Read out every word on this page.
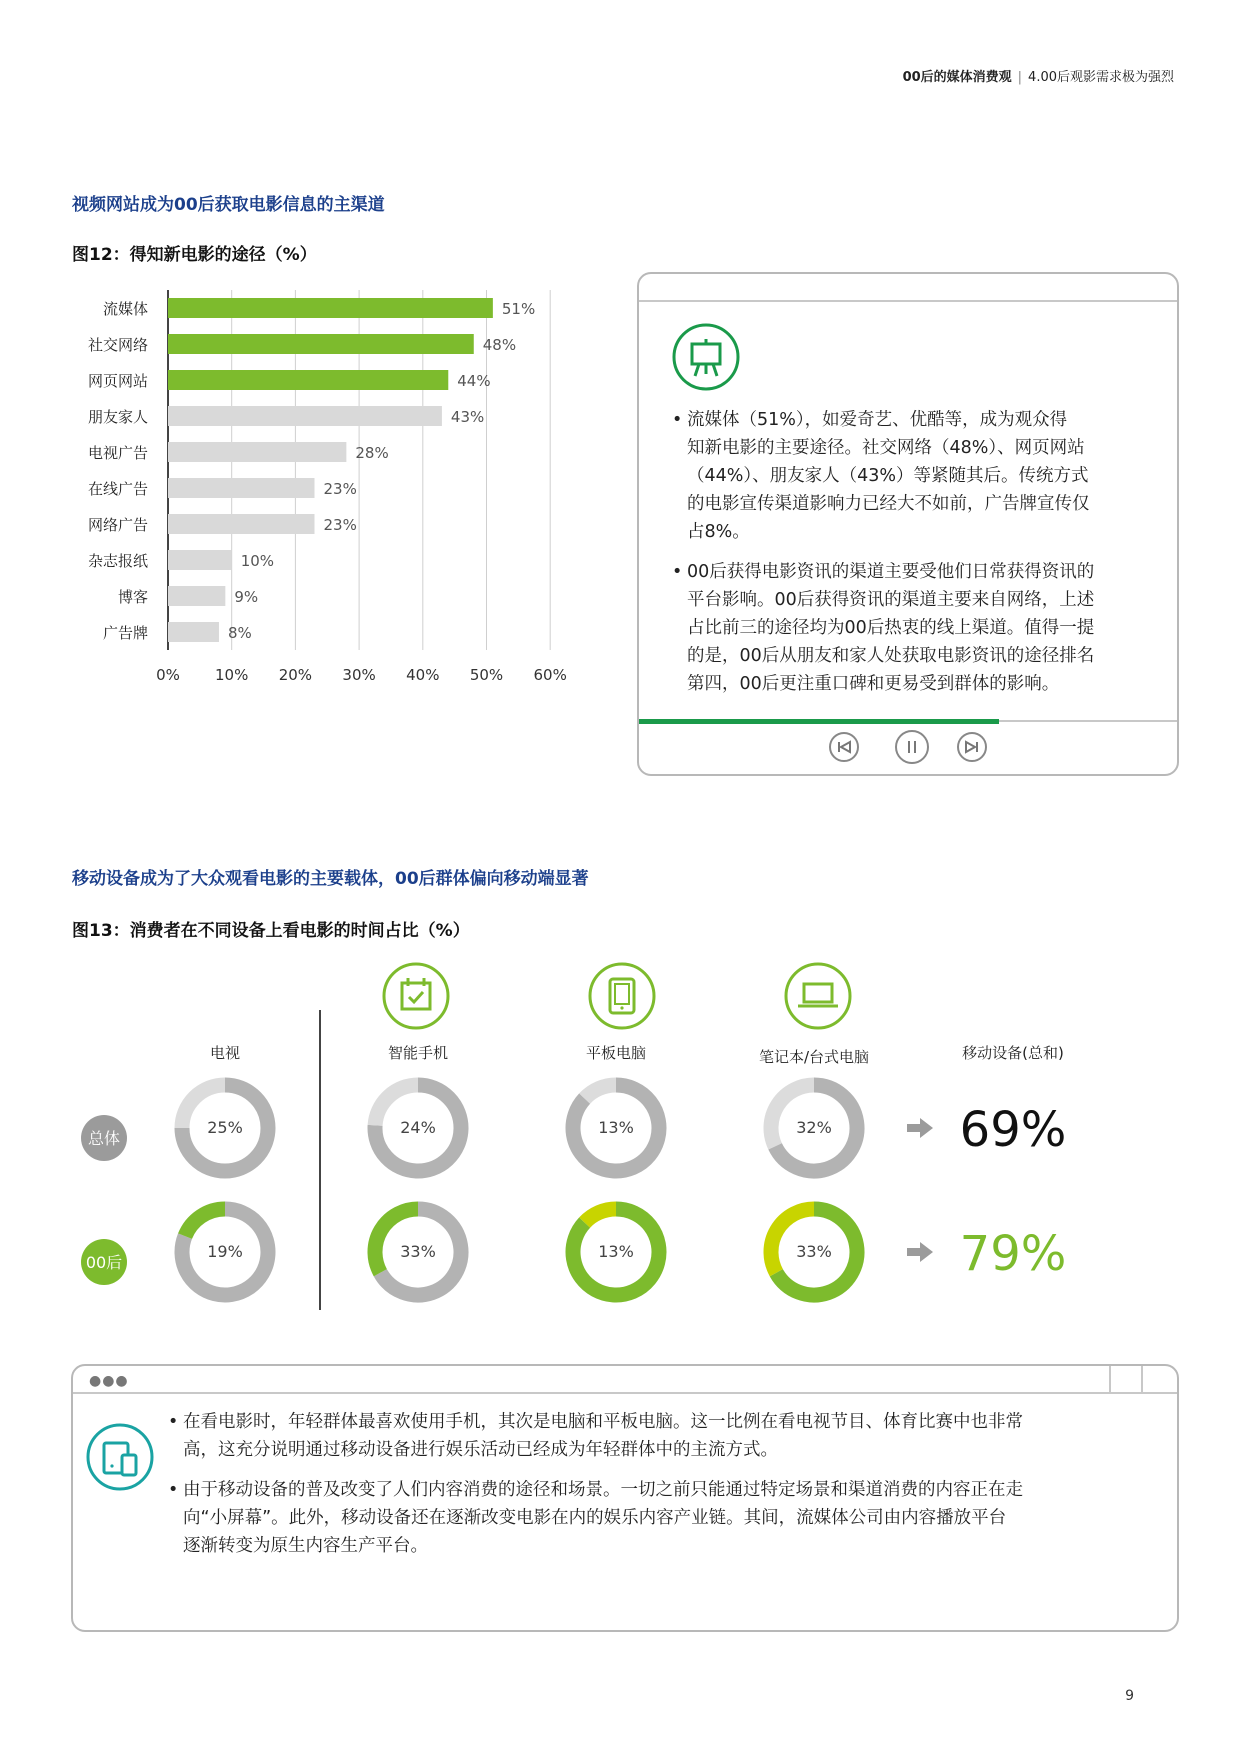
00后的媒体消费观 | 4.00后观影需求极为强烈
视频网站成为00后获取电影信息的主渠道
图12：得知新电影的途径（%）
0% 10% 20% 30% 40% 50% 60%
流媒体	51%
社交网络	48%
网页网站	44%
朋友家人	43%
电视广告	28%
在线广告	23%
网络广告	23%
杂志报纸	10%
博客	9%
广告牌	8%
• 流媒体（51%），如爱奇艺、优酷等，成为观众得
知新电影的主要途径。社交网络（48%）、网页网站
（44%）、朋友家人（43%）等紧随其后。传统方式
的电影宣传渠道影响力已经大不如前，广告牌宣传仅
占8%。
• 00后获得电影资讯的渠道主要受他们日常获得资讯的
平台影响。00后获得资讯的渠道主要来自网络，上述
占比前三的途径均为00后热衷的线上渠道。值得一提
的是，00后从朋友和家人处获取电影资讯的途径排名
第四，00后更注重口碑和更易受到群体的影响。
移动设备成为了大众观看电影的主要载体，00后群体偏向移动端显著
图13：消费者在不同设备上看电影的时间占比（%）
电视	智能手机	平板电脑	笔记本/台式电脑	移动设备(总和)
总体
25%	24%	13%	32%	69%
00后
19%	33%	13%	33%	79%
●●●
• 在看电影时，年轻群体最喜欢使用手机，其次是电脑和平板电脑。这一比例在看电视节目、体育比赛中也非常
高，这充分说明通过移动设备进行娱乐活动已经成为年轻群体中的主流方式。
• 由于移动设备的普及改变了人们内容消费的途径和场景。一切之前只能通过特定场景和渠道消费的内容正在走
向“小屏幕”。此外，移动设备还在逐渐改变电影在内的娱乐内容产业链。其间，流媒体公司由内容播放平台
逐渐转变为原生内容生产平台。
9
